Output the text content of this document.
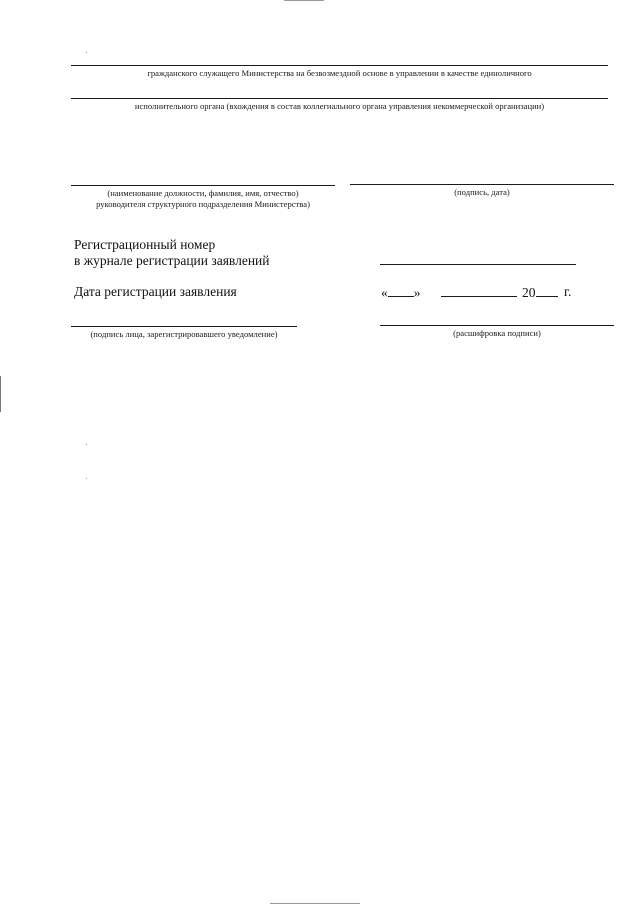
гражданского служащего Министерства на безвозмездной основе в управлении в качестве единоличного
исполнительного органа (вхождения в состав коллегиального органа управления некоммерческой организации)
(наименование должности, фамилия, имя, отчество)
руководителя структурного подразделения Министерства)
(подпись, дата)
Регистрационный номер
в журнале регистрации заявлений
Дата регистрации заявления	« »	20	г.
(подпись лица, зарегистрировавшего уведомление)	(расшифровка подписи)
